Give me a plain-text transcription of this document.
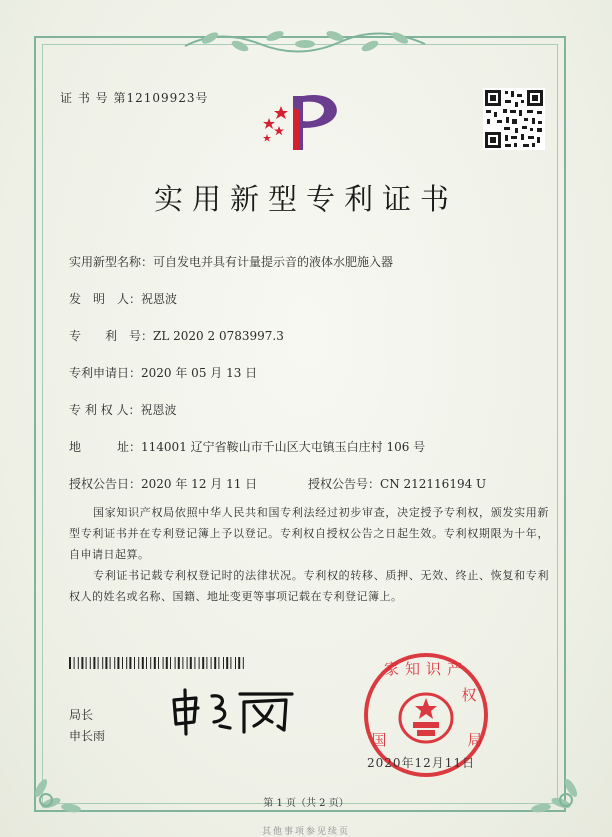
证 书 号 第12109923号
实用新型专利证书
实用新型名称：可自发电并具有计量提示音的液体水肥施入器
发　明　人：祝恩波
专　　利　号：ZL 2020 2 0783997.3
专利申请日：2020 年 05 月 13 日
专 利 权 人：祝恩波
地　　　址：114001 辽宁省鞍山市千山区大屯镇玉白庄村 106 号
授权公告日：2020 年 12 月 11 日	授权公告号：CN 212116194 U
国家知识产权局依照中华人民共和国专利法经过初步审查，决定授予专利权，颁发实用新型专利证书并在专利登记簿上予以登记。专利权自授权公告之日起生效。专利权期限为十年，自申请日起算。
专利证书记载专利权登记时的法律状况。专利权的转移、质押、无效、终止、恢复和专利权人的姓名或名称、国籍、地址变更等事项记载在专利登记簿上。
局长
申长雨
家知识产
国	局
权
2020年12月11日
第 1 页（共 2 页）
其他事项参见续页
